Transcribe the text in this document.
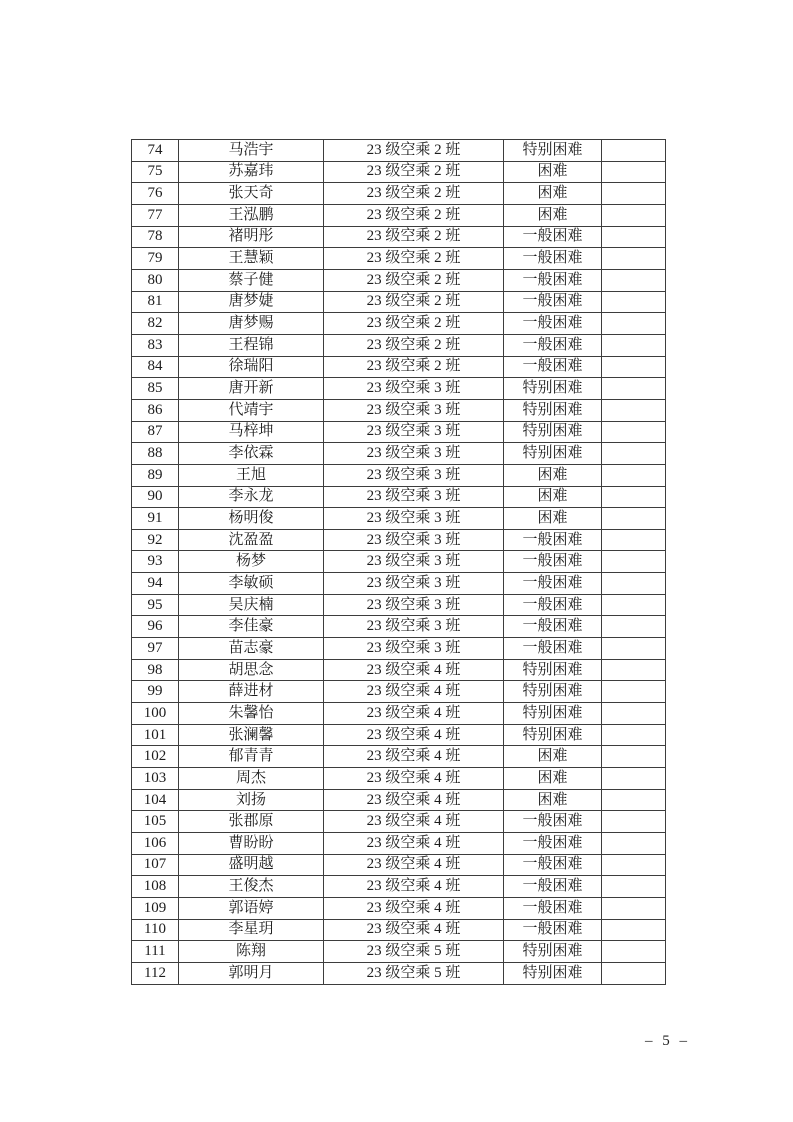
74	马浩宇	23 级空乘 2 班	特别困难	
75	苏嘉玮	23 级空乘 2 班	困难	
76	张天奇	23 级空乘 2 班	困难	
77	王泓鹏	23 级空乘 2 班	困难	
78	褚明彤	23 级空乘 2 班	一般困难	
79	王慧颖	23 级空乘 2 班	一般困难	
80	蔡子健	23 级空乘 2 班	一般困难	
81	唐梦婕	23 级空乘 2 班	一般困难	
82	唐梦赐	23 级空乘 2 班	一般困难	
83	王程锦	23 级空乘 2 班	一般困难	
84	徐瑞阳	23 级空乘 2 班	一般困难	
85	唐开新	23 级空乘 3 班	特别困难	
86	代靖宇	23 级空乘 3 班	特别困难	
87	马梓坤	23 级空乘 3 班	特别困难	
88	李依霖	23 级空乘 3 班	特别困难	
89	王旭	23 级空乘 3 班	困难	
90	李永龙	23 级空乘 3 班	困难	
91	杨明俊	23 级空乘 3 班	困难	
92	沈盈盈	23 级空乘 3 班	一般困难	
93	杨梦	23 级空乘 3 班	一般困难	
94	李敏硕	23 级空乘 3 班	一般困难	
95	吴庆楠	23 级空乘 3 班	一般困难	
96	李佳豪	23 级空乘 3 班	一般困难	
97	苗志豪	23 级空乘 3 班	一般困难	
98	胡思念	23 级空乘 4 班	特别困难	
99	薛进材	23 级空乘 4 班	特别困难	
100	朱馨怡	23 级空乘 4 班	特别困难	
101	张澜馨	23 级空乘 4 班	特别困难	
102	郁青青	23 级空乘 4 班	困难	
103	周杰	23 级空乘 4 班	困难	
104	刘扬	23 级空乘 4 班	困难	
105	张郡原	23 级空乘 4 班	一般困难	
106	曹盼盼	23 级空乘 4 班	一般困难	
107	盛明越	23 级空乘 4 班	一般困难	
108	王俊杰	23 级空乘 4 班	一般困难	
109	郭语婷	23 级空乘 4 班	一般困难	
110	李星玥	23 级空乘 4 班	一般困难	
111	陈翔	23 级空乘 5 班	特别困难	
112	郭明月	23 级空乘 5 班	特别困难	
– 5 –
